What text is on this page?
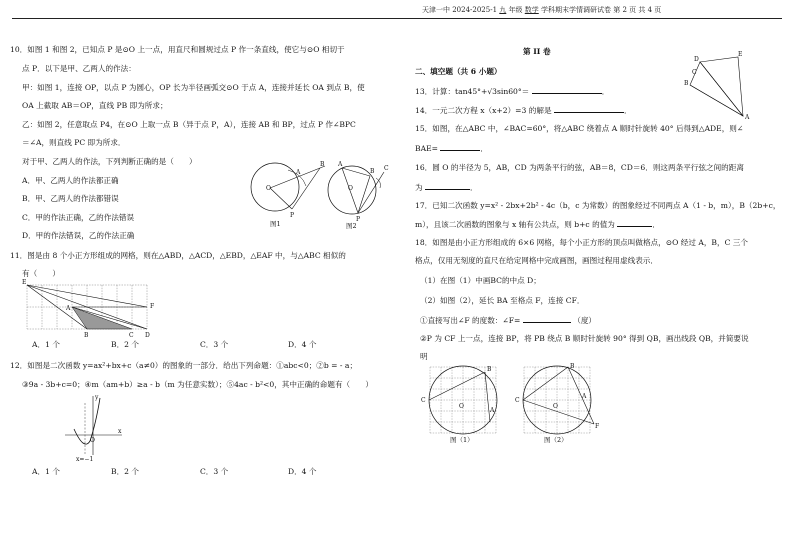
天津一中 2024-2025-1 九 年级 数学 学科期末学情调研试卷 第 2 页 共 4 页
10．如图 1 和图 2，已知点 P 是⊙O 上一点，用直尺和圆规过点 P 作一条直线，使它与⊙O 相切于
点 P．以下是甲、乙两人的作法：
甲：如图 1，连接 OP，以点 P 为圆心，OP 长为半径画弧交⊙O 于点 A，连接并延长 OA 到点 B，使
OA 上截取 AB＝OP，直线 PB 即为所求；
乙：如图 2，任意取点 P4，在⊙O 上取一点 B（异于点 P，A），连接 AB 和 BP，过点 P 作∠BPC
＝∠A，则直线 PC 即为所求．
对于甲、乙两人的作法，下列判断正确的是（　　）
A．甲、乙两人的作法都正确
B．甲、乙两人的作法都错误
C．甲的作法正确，乙的作法错误
D．甲的作法错误，乙的作法正确
O
P
A
B
图1
A
B
O
P
C
图2
11．图是由 8 个小正方形组成的网格，则在△ABD，△ACD，△EBD，△EAF 中，与△ABC 相似的
有（　　）
E
F
A
B	C D
A．1 个	B．2 个	C．3 个	D．4 个
12．如图是二次函数 y=ax²+bx+c（a≠0）的图象的一部分．给出下列命题：①abc<0；②b = - a；
③9a - 3b+c=0；④m（am+b）≥a - b（m 为任意实数）；⑤4ac - b²<0，其中正确的命题有（　　）
x
y
O
x=−1
A．1 个	B．2 个	C．3 个	D．4 个
第 II 卷
二、填空题（共 6 小题）
D
B
E
A
C
13．计算：tan45°+√3sin60°＝	．
14．一元二次方程 x（x+2）=3 的解是	．
15．如图，在△ABC 中，∠BAC=60°，将△ABC 绕着点 A 顺时针旋转 40° 后得到△ADE，则∠
BAE=	．
16．圆 O 的半径为 5，AB，CD 为两条平行的弦，AB＝8，CD＝6．则这两条平行弦之间的距离
为	．
17．已知二次函数 y=x² - 2bx+2b² - 4c（b，c 为常数）的图象经过不同两点 A（1 - b，m），B（2b+c，
m），且该二次函数的图象与 x 轴有公共点，则 b+c 的值为	．
18．如图是由小正方形组成的 6×6 网格，每个小正方形的顶点叫做格点，⊙O 经过 A，B，C 三个
格点，仅用无刻度的直尺在给定网格中完成画图，画图过程用虚线表示．
（1）在图（1）中画BC的中点 D；
（2）如图（2），延长 BA 至格点 F，连接 CF．
①直接写出∠F 的度数：∠F=	（度）
②P 为 CF 上一点，连接 BP，将 PB 绕点 B 顺时针旋转 90° 得到 QB，画出线段 QB，并简要说
明
C
B
A
O
图（1）
C
B
A
O
F
图（2）
